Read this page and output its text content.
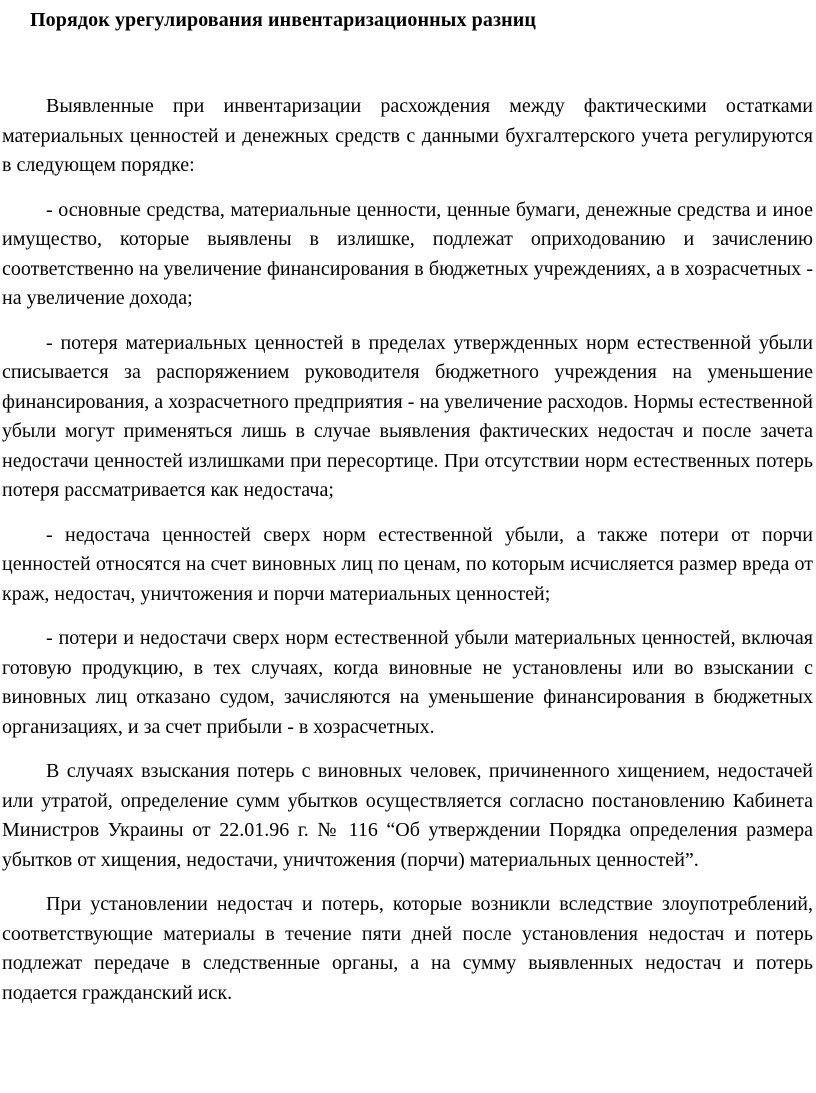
Порядок урегулирования инвентаризационных разниц

Выявленные при инвентаризации расхождения между фактическими остатками материальных ценностей и денежных средств с данными бухгалтерского учета регулируются в следующем порядке:

- основные средства, материальные ценности, ценные бумаги, денежные средства и иное имущество, которые выявлены в излишке, подлежат оприходованию и зачислению соответственно на увеличение финансирования в бюджетных учреждениях, а в хозрасчетных - на увеличение дохода;

- потеря материальных ценностей в пределах утвержденных норм естественной убыли списывается за распоряжением руководителя бюджетного учреждения на уменьшение финансирования, а хозрасчетного предприятия - на увеличение расходов. Нормы естественной убыли могут применяться лишь в случае выявления фактических недостач и после зачета недостачи ценностей излишками при пересортице. При отсутствии норм естественных потерь потеря рассматривается как недостача;

- недостача ценностей сверх норм естественной убыли, а также потери от порчи ценностей относятся на счет виновных лиц по ценам, по которым исчисляется размер вреда от краж, недостач, уничтожения и порчи материальных ценностей;

- потери и недостачи сверх норм естественной убыли материальных ценностей, включая готовую продукцию, в тех случаях, когда виновные не установлены или во взыскании с виновных лиц отказано судом, зачисляются на уменьшение финансирования в бюджетных организациях, и за счет прибыли - в хозрасчетных.

В случаях взыскания потерь с виновных человек, причиненного хищением, недостачей или утратой, определение сумм убытков осуществляется согласно постановлению Кабинета Министров Украины от 22.01.96 г. № 116 “Об утверждении Порядка определения размера убытков от хищения, недостачи, уничтожения (порчи) материальных ценностей”.

При установлении недостач и потерь, которые возникли вследствие злоупотреблений, соответствующие материалы в течение пяти дней после установления недостач и потерь подлежат передаче в следственные органы, а на сумму выявленных недостач и потерь подается гражданский иск.
